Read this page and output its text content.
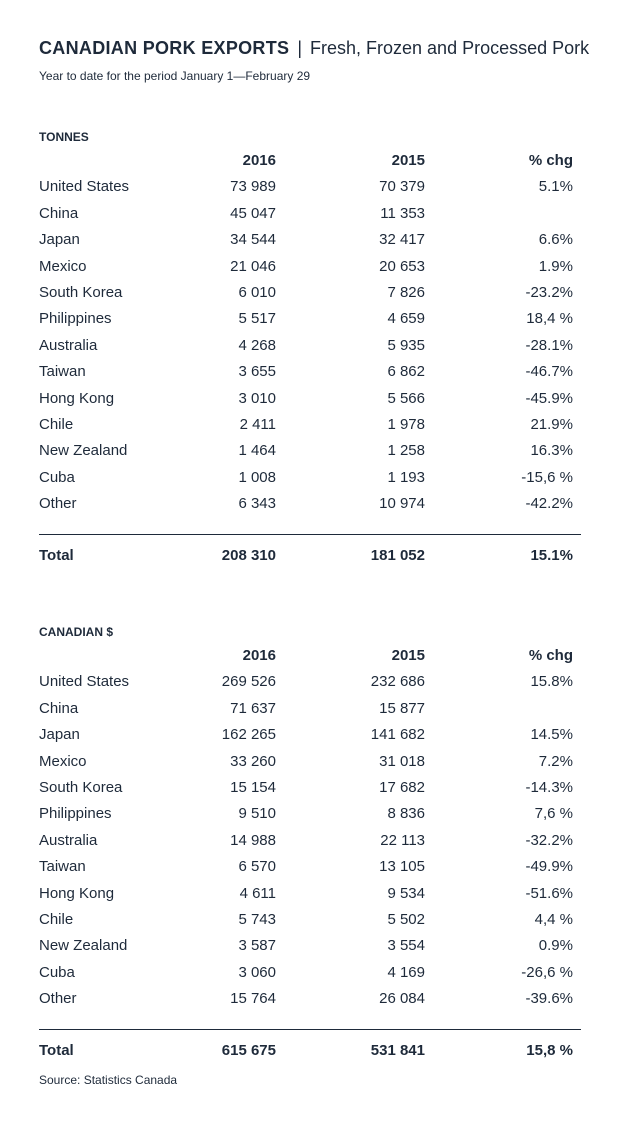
CANADIAN PORK EXPORTS | Fresh, Frozen and Processed Pork
Year to date for the period January 1—February 29
TONNES
2016	2015	% chg
United States	73 989	70 379	5.1%
China	45 047	11 353
Japan	34 544	32 417	6.6%
Mexico	21 046	20 653	1.9%
South Korea	6 010	7 826	-23.2%
Philippines	5 517	4 659	18,4 %
Australia	4 268	5 935	-28.1%
Taiwan	3 655	6 862	-46.7%
Hong Kong	3 010	5 566	-45.9%
Chile	2 411	1 978	21.9%
New Zealand	1 464	1 258	16.3%
Cuba	1 008	1 193	-15,6 %
Other	6 343	10 974	-42.2%
Total	208 310	181 052	15.1%
CANADIAN $
2016	2015	% chg
United States	269 526	232 686	15.8%
China	71 637	15 877
Japan	162 265	141 682	14.5%
Mexico	33 260	31 018	7.2%
South Korea	15 154	17 682	-14.3%
Philippines	9 510	8 836	7,6 %
Australia	14 988	22 113	-32.2%
Taiwan	6 570	13 105	-49.9%
Hong Kong	4 611	9 534	-51.6%
Chile	5 743	5 502	4,4 %
New Zealand	3 587	3 554	0.9%
Cuba	3 060	4 169	-26,6 %
Other	15 764	26 084	-39.6%
Total	615 675	531 841	15,8 %
Source: Statistics Canada
